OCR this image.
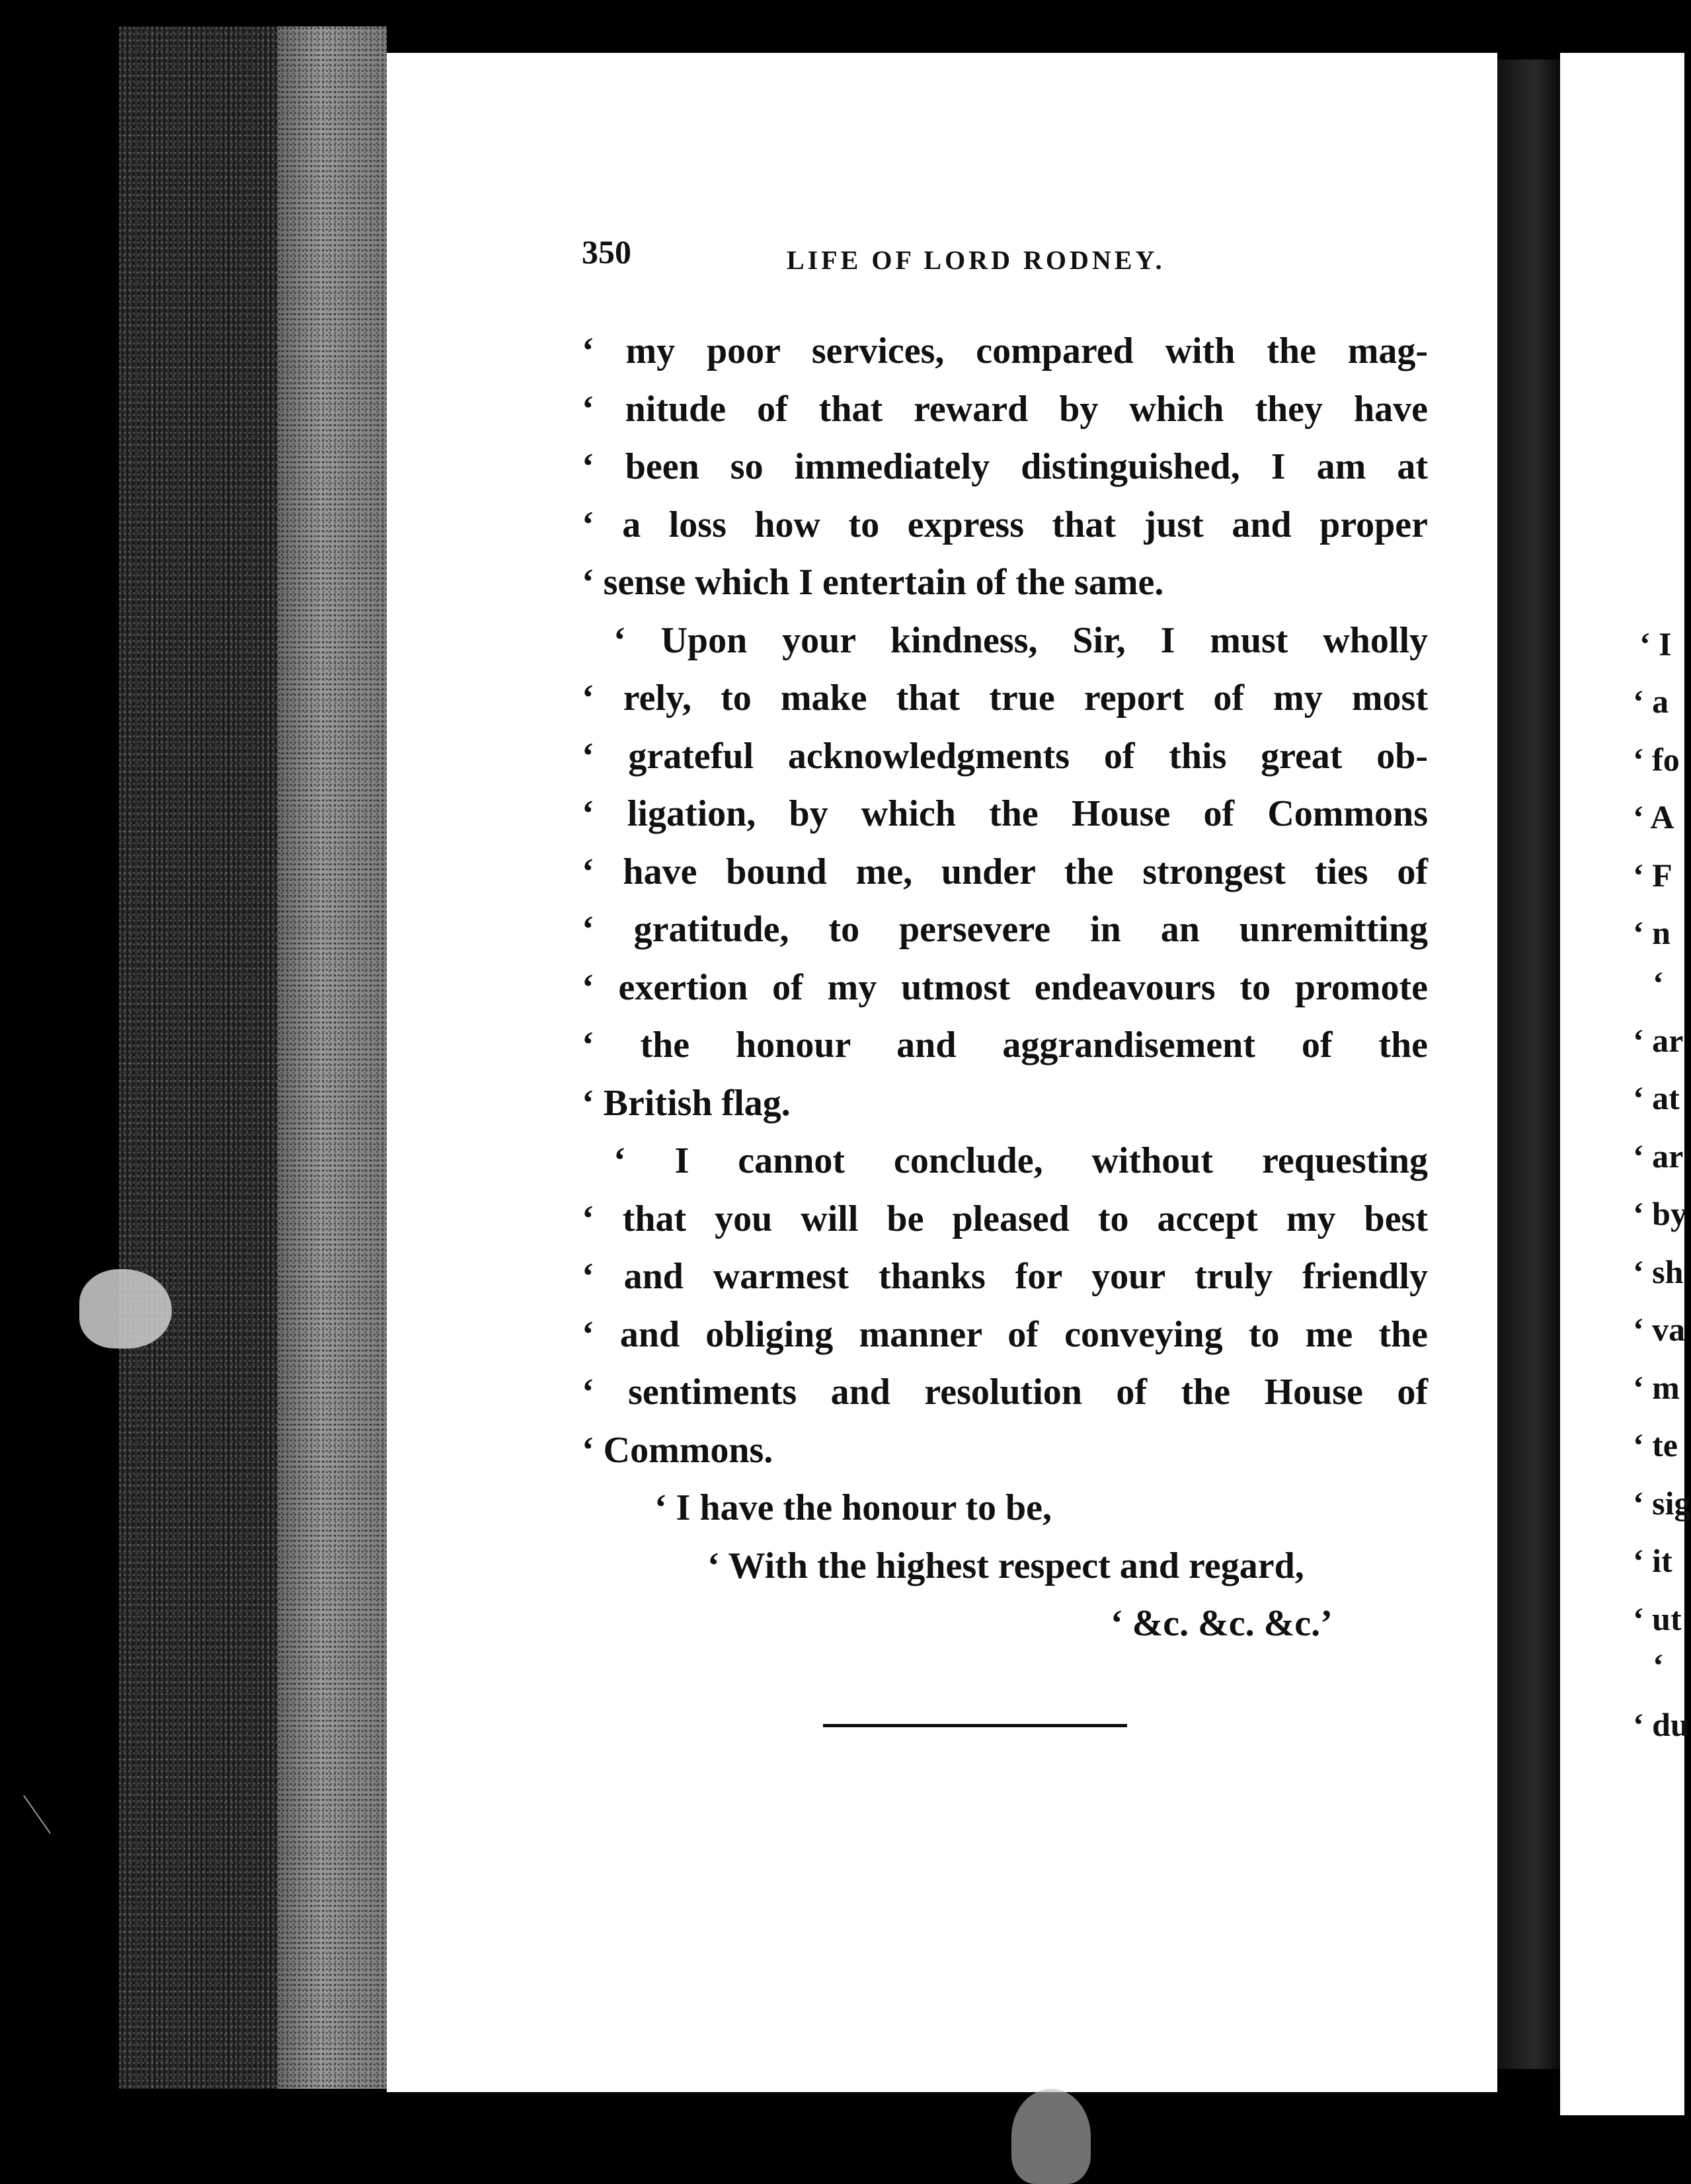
350	LIFE OF LORD RODNEY.
‘ my poor services, compared with the mag-
‘ nitude of that reward by which they have
‘ been so immediately distinguished, I am at
‘ a loss how to express that just and proper
‘ sense which I entertain of the same.
‘ Upon your kindness, Sir, I must wholly
‘ rely, to make that true report of my most
‘ grateful acknowledgments of this great ob-
‘ ligation, by which the House of Commons
‘ have bound me, under the strongest ties of
‘ gratitude, to persevere in an unremitting
‘ exertion of my utmost endeavours to promote
‘ the honour and aggrandisement of the
‘ British flag.
‘ I cannot conclude, without requesting
‘ that you will be pleased to accept my best
‘ and warmest thanks for your truly friendly
‘ and obliging manner of conveying to me the
‘ sentiments and resolution of the House of
‘ Commons.
‘ I have the honour to be,
‘ With the highest respect and regard,
‘ &c. &c. &c.’
‘ I
‘ a
‘ fo
‘ A
‘ F
‘ n
‘
‘ ar
‘ at
‘ ar
‘ by
‘ sh
‘ va
‘ m
‘ te
‘ sig
‘ it
‘ ut
‘
‘ du
